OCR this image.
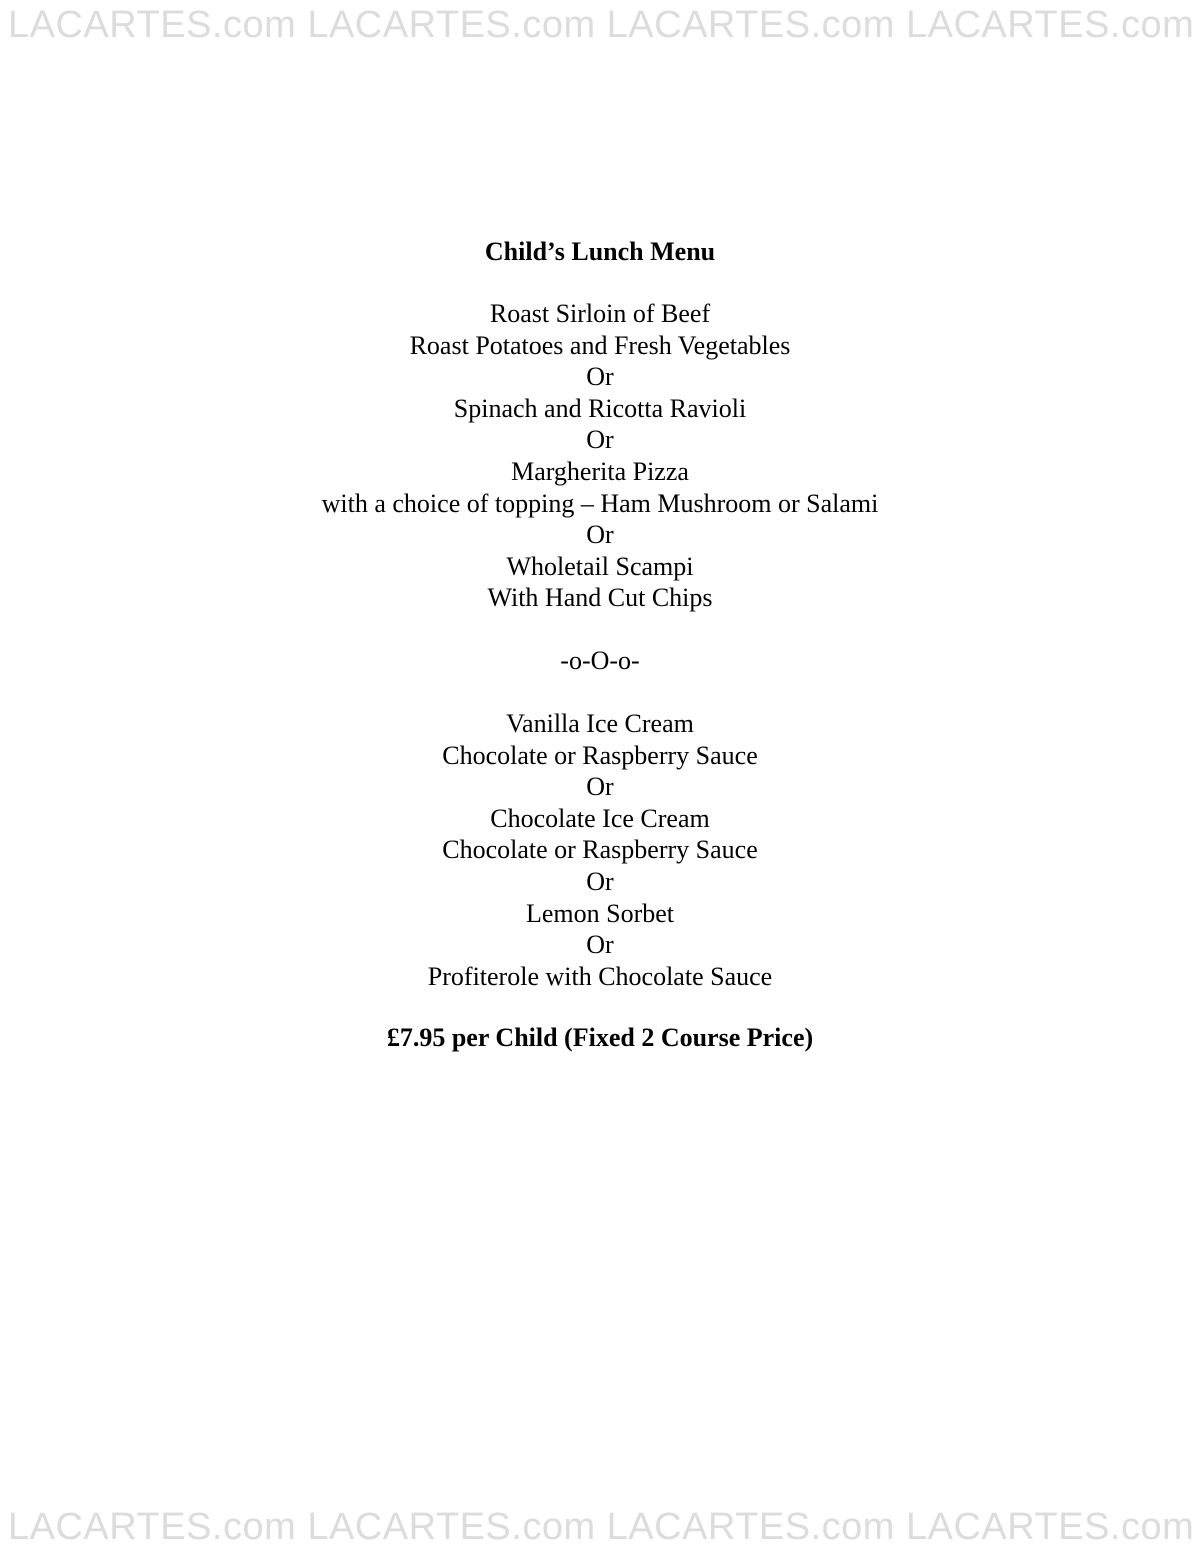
LACARTES.com LACARTES.com LACARTES.com LACARTES.com
Child’s Lunch Menu
Roast Sirloin of Beef
Roast Potatoes and Fresh Vegetables
Or
Spinach and Ricotta Ravioli
Or
Margherita Pizza
with a choice of topping – Ham Mushroom or Salami
Or
Wholetail Scampi
With Hand Cut Chips
-o-O-o-
Vanilla Ice Cream
Chocolate or Raspberry Sauce
Or
Chocolate Ice Cream
Chocolate or Raspberry Sauce
Or
Lemon Sorbet
Or
Profiterole with Chocolate Sauce
£7.95 per Child (Fixed 2 Course Price)
LACARTES.com LACARTES.com LACARTES.com LACARTES.com
